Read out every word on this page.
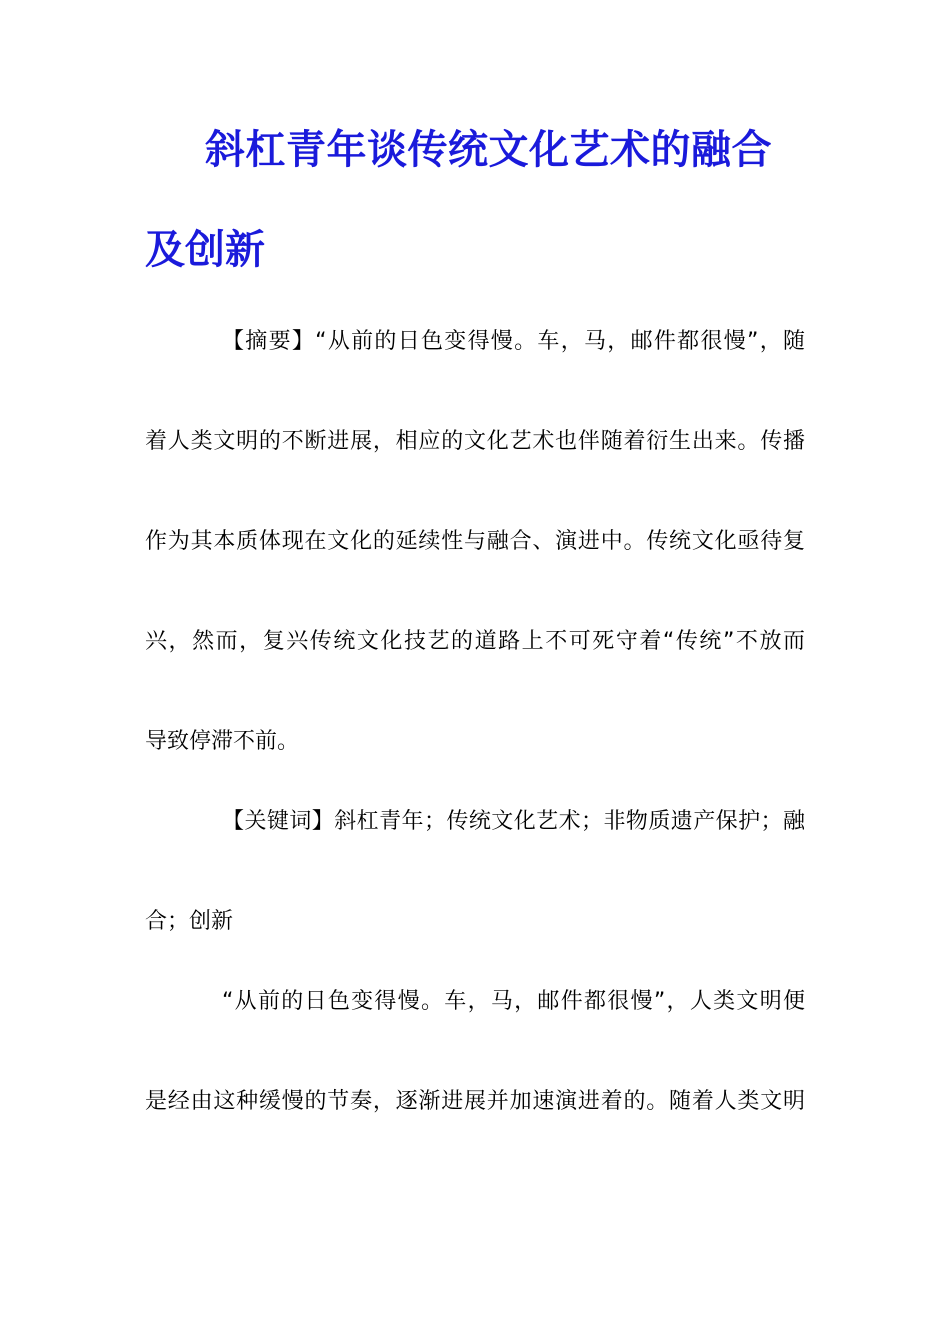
斜杠青年谈传统文化艺术的融合
及创新
【摘要】“从前的日色变得慢。车，马，邮件都很慢”，随
着人类文明的不断进展，相应的文化艺术也伴随着衍生出来。传播
作为其本质体现在文化的延续性与融合、演进中。传统文化亟待复
兴，然而，复兴传统文化技艺的道路上不可死守着“传统”不放而
导致停滞不前。
【关键词】斜杠青年；传统文化艺术；非物质遗产保护；融
合；创新
“从前的日色变得慢。车，马，邮件都很慢”，人类文明便
是经由这种缓慢的节奏，逐渐进展并加速演进着的。随着人类文明
